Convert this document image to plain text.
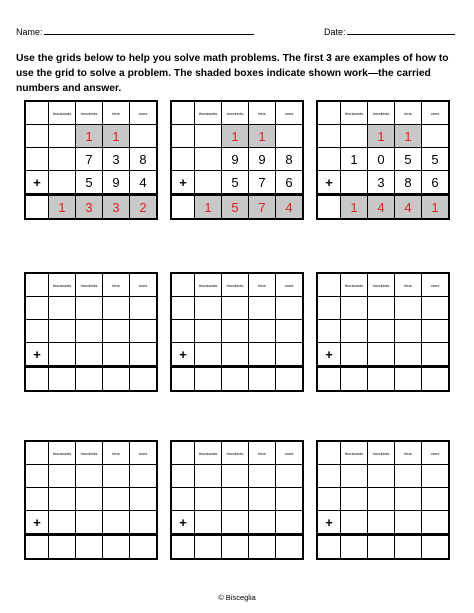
Name:	Date:

Use the grids below to help you solve math problems. The first 3 are examples of how to use the grid to solve a problem. The shaded boxes indicate shown work—the carried numbers and answer.

	thousands	hundreds	tens	ones
		1	1	
		7	3	8
+		5	9	4
	1	3	3	2
	thousands	hundreds	tens	ones
		1	1	
		9	9	8
+		5	7	6
	1	5	7	4
	thousands	hundreds	tens	ones
		1	1	
	1	0	5	5
+		3	8	6
	1	4	4	1
	thousands	hundreds	tens	ones

+				

	thousands	hundreds	tens	ones

+				

	thousands	hundreds	tens	ones

+				

	thousands	hundreds	tens	ones

+				

	thousands	hundreds	tens	ones

+				

	thousands	hundreds	tens	ones

+				

© Bisceglia
